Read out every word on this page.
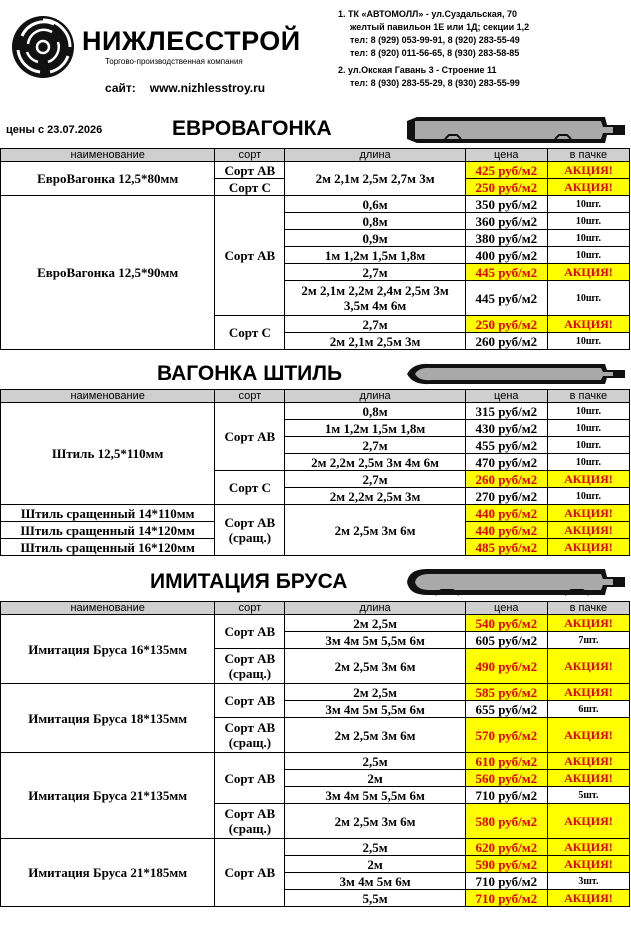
НИЖЛЕССТРОЙ
Торгово-производственная компания
сайт: www.nizhlesstroy.ru
1. ТК «АВТОМОЛЛ» - ул.Суздальская, 70
желтый павильон 1Е или 1Д; секции 1,2
тел: 8 (929) 053-99-91, 8 (920) 283-55-49
тел: 8 (920) 011-56-65, 8 (930) 283-58-85
2. ул.Окская Гавань 3 - Строение 11
тел: 8 (930) 283-55-29, 8 (930) 283-55-99
цены с 23.07.2026	ЕВРОВАГОНКА
наименование	сорт	длина	цена	в пачке
ЕвроВагонка 12,5*80мм	Сорт АВ	2м 2,1м 2,5м 2,7м 3м	425 руб/м2	АКЦИЯ!
	Сорт С		250 руб/м2	АКЦИЯ!
ЕвроВагонка 12,5*90мм	Сорт АВ	0,6м	350 руб/м2	10шт.
		0,8м	360 руб/м2	10шт.
		0,9м	380 руб/м2	10шт.
		1м 1,2м 1,5м 1,8м	400 руб/м2	10шт.
		2,7м	445 руб/м2	АКЦИЯ!
		2м 2,1м 2,2м 2,4м 2,5м 3м 3,5м 4м 6м	445 руб/м2	10шт.
	Сорт С	2,7м	250 руб/м2	АКЦИЯ!
		2м 2,1м 2,5м 3м	260 руб/м2	10шт.
ВАГОНКА ШТИЛЬ
наименование	сорт	длина	цена	в пачке
Штиль 12,5*110мм	Сорт АВ	0,8м	315 руб/м2	10шт.
		1м 1,2м 1,5м 1,8м	430 руб/м2	10шт.
		2,7м	455 руб/м2	10шт.
		2м 2,2м 2,5м 3м 4м 6м	470 руб/м2	10шт.
	Сорт С	2,7м	260 руб/м2	АКЦИЯ!
		2м 2,2м 2,5м 3м	270 руб/м2	10шт.
Штиль сращенный 14*110мм	Сорт АВ (сращ.)	2м 2,5м 3м 6м	440 руб/м2	АКЦИЯ!
Штиль сращенный 14*120мм			440 руб/м2	АКЦИЯ!
Штиль сращенный 16*120мм			485 руб/м2	АКЦИЯ!
ИМИТАЦИЯ БРУСА
наименование	сорт	длина	цена	в пачке
Имитация Бруса 16*135мм	Сорт АВ	2м 2,5м	540 руб/м2	АКЦИЯ!
		3м 4м 5м 5,5м 6м	605 руб/м2	7шт.
	Сорт АВ (сращ.)	2м 2,5м 3м 6м	490 руб/м2	АКЦИЯ!
Имитация Бруса 18*135мм	Сорт АВ	2м 2,5м	585 руб/м2	АКЦИЯ!
		3м 4м 5м 5,5м 6м	655 руб/м2	6шт.
	Сорт АВ (сращ.)	2м 2,5м 3м 6м	570 руб/м2	АКЦИЯ!
Имитация Бруса 21*135мм	Сорт АВ	2,5м	610 руб/м2	АКЦИЯ!
		2м	560 руб/м2	АКЦИЯ!
		3м 4м 5м 5,5м 6м	710 руб/м2	5шт.
	Сорт АВ (сращ.)	2м 2,5м 3м 6м	580 руб/м2	АКЦИЯ!
Имитация Бруса 21*185мм	Сорт АВ	2,5м	620 руб/м2	АКЦИЯ!
		2м	590 руб/м2	АКЦИЯ!
		3м 4м 5м 6м	710 руб/м2	3шт.
		5,5м	710 руб/м2	АКЦИЯ!
